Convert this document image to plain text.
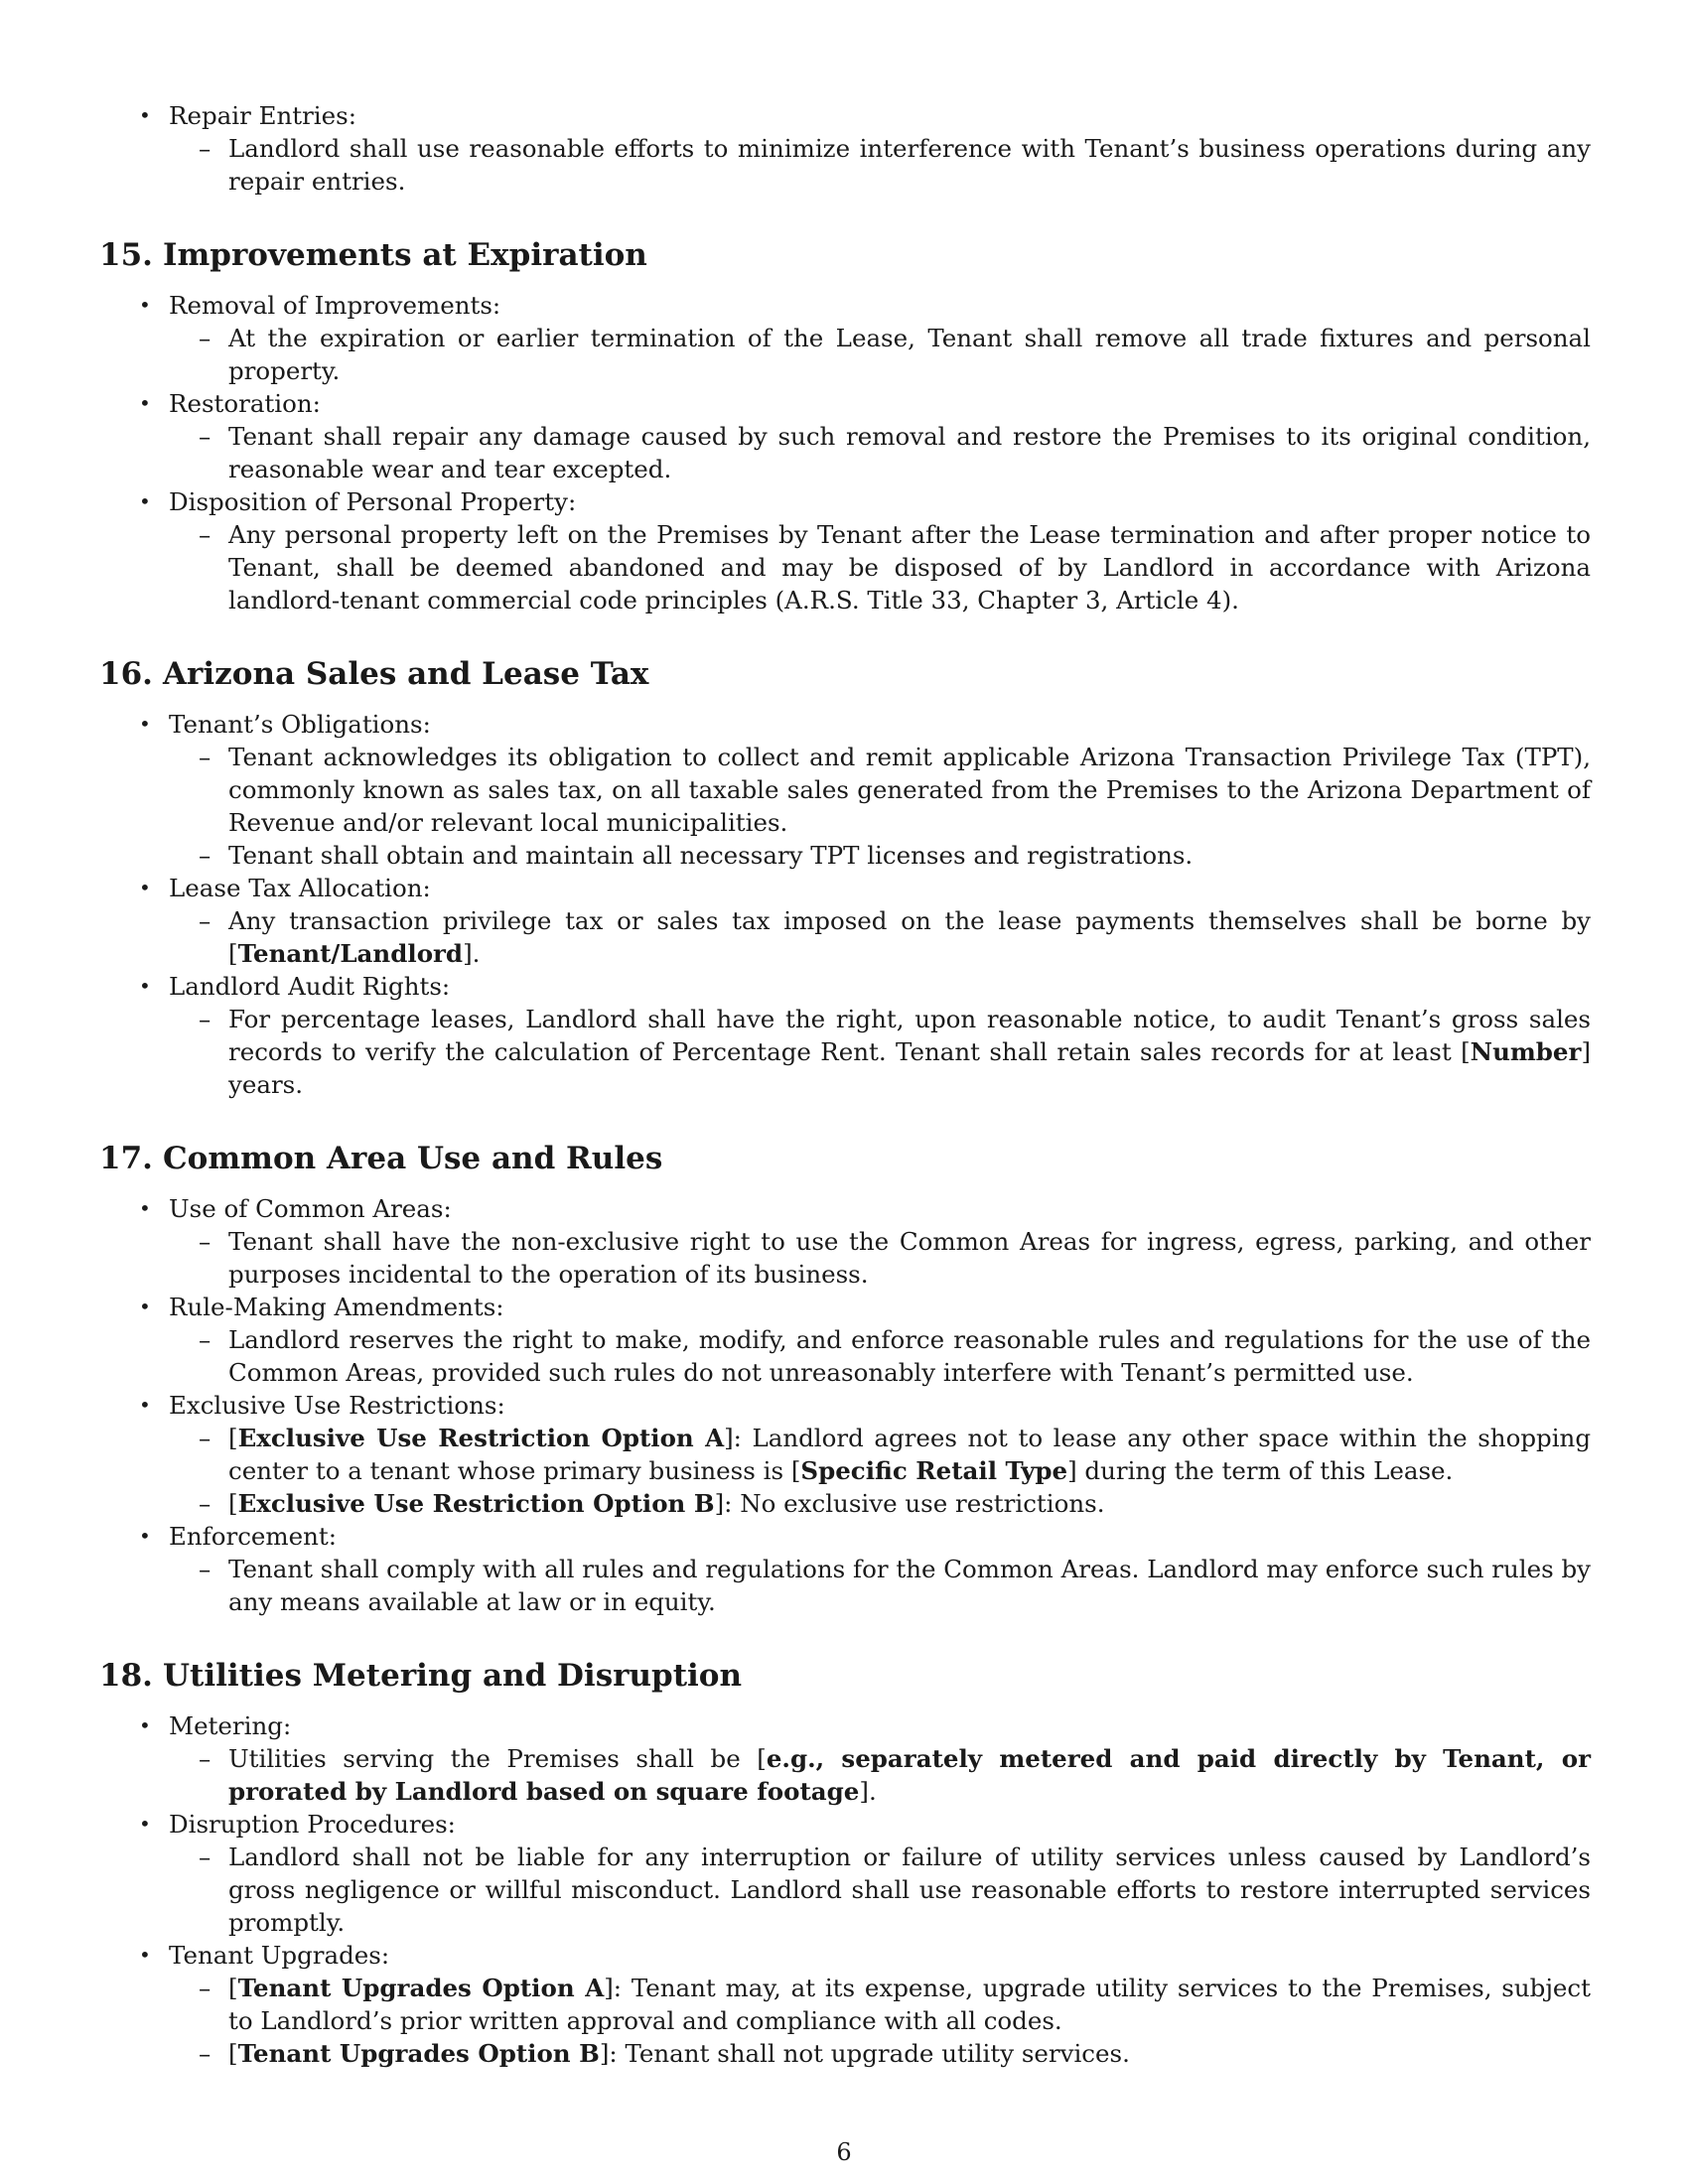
• Repair Entries:
– Landlord shall use reasonable efforts to minimize interference with Tenant’s business operations during any repair entries.
15. Improvements at Expiration
• Removal of Improvements:
– At the expiration or earlier termination of the Lease, Tenant shall remove all trade fixtures and personal property.
• Restoration:
– Tenant shall repair any damage caused by such removal and restore the Premises to its original condition, reasonable wear and tear excepted.
• Disposition of Personal Property:
– Any personal property left on the Premises by Tenant after the Lease termination and after proper notice to Tenant, shall be deemed abandoned and may be disposed of by Landlord in accordance with Arizona landlord-tenant commercial code principles (A.R.S. Title 33, Chapter 3, Article 4).
16. Arizona Sales and Lease Tax
• Tenant’s Obligations:
– Tenant acknowledges its obligation to collect and remit applicable Arizona Transaction Privilege Tax (TPT), commonly known as sales tax, on all taxable sales generated from the Premises to the Arizona Department of Revenue and/or relevant local municipalities.
– Tenant shall obtain and maintain all necessary TPT licenses and registrations.
• Lease Tax Allocation:
– Any transaction privilege tax or sales tax imposed on the lease payments themselves shall be borne by [Tenant/Landlord].
• Landlord Audit Rights:
– For percentage leases, Landlord shall have the right, upon reasonable notice, to audit Tenant’s gross sales records to verify the calculation of Percentage Rent. Tenant shall retain sales records for at least [Number] years.
17. Common Area Use and Rules
• Use of Common Areas:
– Tenant shall have the non-exclusive right to use the Common Areas for ingress, egress, parking, and other purposes incidental to the operation of its business.
• Rule-Making Amendments:
– Landlord reserves the right to make, modify, and enforce reasonable rules and regulations for the use of the Common Areas, provided such rules do not unreasonably interfere with Tenant’s permitted use.
• Exclusive Use Restrictions:
– [Exclusive Use Restriction Option A]: Landlord agrees not to lease any other space within the shopping center to a tenant whose primary business is [Specific Retail Type] during the term of this Lease.
– [Exclusive Use Restriction Option B]: No exclusive use restrictions.
• Enforcement:
– Tenant shall comply with all rules and regulations for the Common Areas. Landlord may enforce such rules by any means available at law or in equity.
18. Utilities Metering and Disruption
• Metering:
– Utilities serving the Premises shall be [e.g., separately metered and paid directly by Tenant, or prorated by Landlord based on square footage].
• Disruption Procedures:
– Landlord shall not be liable for any interruption or failure of utility services unless caused by Landlord’s gross negligence or willful misconduct. Landlord shall use reasonable efforts to restore interrupted services promptly.
• Tenant Upgrades:
– [Tenant Upgrades Option A]: Tenant may, at its expense, upgrade utility services to the Premises, subject to Landlord’s prior written approval and compliance with all codes.
– [Tenant Upgrades Option B]: Tenant shall not upgrade utility services.
6
